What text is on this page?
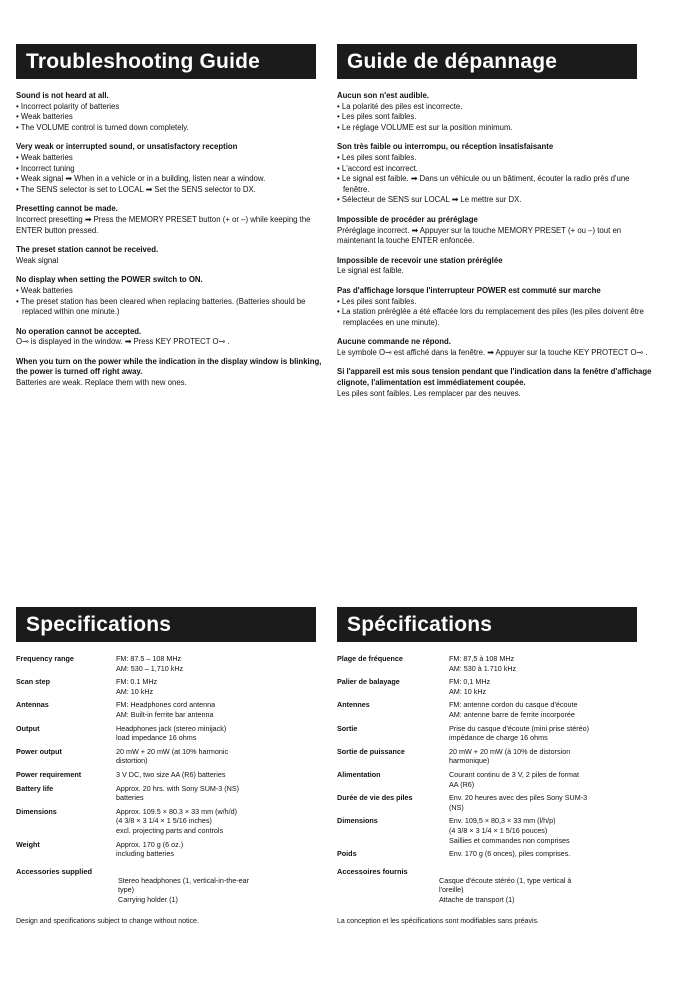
Troubleshooting Guide
Sound is not heard at all.
• Incorrect polarity of batteries
• Weak batteries
• The VOLUME control is turned down completely.
Very weak or interrupted sound, or unsatisfactory reception
• Weak batteries
• Incorrect tuning
• Weak signal ➡ When in a vehicle or in a building, listen near a window.
• The SENS selector is set to LOCAL ➡ Set the SENS selector to DX.
Presetting cannot be made.
Incorrect presetting ➡ Press the MEMORY PRESET button (+ or –) while keeping the ENTER button pressed.
The preset station cannot be received.
Weak signal
No display when setting the POWER switch to ON.
• Weak batteries
• The preset station has been cleared when replacing batteries. (Batteries should be replaced within one minute.)
No operation cannot be accepted.
O⊸ is displayed in the window. ➡ Press KEY PROTECT O⊸ .
When you turn on the power while the indication in the display window is blinking, the power is turned off right away.
Batteries are weak. Replace them with new ones.
Guide de dépannage
Aucun son n'est audible.
• La polarité des piles est incorrecte.
• Les piles sont faibles.
• Le réglage VOLUME est sur la position minimum.
Son très faible ou interrompu, ou réception insatisfaisante
• Les piles sont faibles.
• L'accord est incorrect.
• Le signal est faible. ➡ Dans un véhicule ou un bâtiment, écouter la radio près d'une fenêtre.
• Sélecteur de SENS sur LOCAL ➡ Le mettre sur DX.
Impossible de procéder au préréglage
Préréglage incorrect. ➡ Appuyer sur la touche MEMORY PRESET (+ ou –) tout en maintenant la touche ENTER enfoncée.
Impossible de recevoir une station préréglée
Le signal est faible.
Pas d'affichage lorsque l'interrupteur POWER est commuté sur marche
• Les piles sont faibles.
• La station préréglée a été effacée lors du remplacement des piles (les piles doivent être remplacées en une minute).
Aucune commande ne répond.
Le symbole O⊸ est affiché dans la fenêtre. ➡ Appuyer sur la touche KEY PROTECT O⊸ .
Si l'appareil est mis sous tension pendant que l'indication dans la fenêtre d'affichage clignote, l'alimentation est immédiatement coupée.
Les piles sont faibles. Les remplacer par des neuves.
Specifications
Frequency range	FM: 87.5 – 108 MHz
AM: 530 – 1,710 kHz

Scan step	FM: 0.1 MHz
AM: 10 kHz

Antennas	FM: Headphones cord antenna
AM: Built-in ferrite bar antenna

Output	Headphones jack (stereo minijack)
load impedance 16 ohms

Power output	20 mW + 20 mW (at 10% harmonic
distortion)

Power requirement	3 V DC, two size AA (R6) batteries

Battery life	Approx. 20 hrs. with Sony SUM-3 (NS)
batteries

Dimensions	Approx. 109.5 × 80.3 × 33 mm (w/h/d)
(4 3/8 × 3 1/4 × 1 5/16 inches)
excl. projecting parts and controls

Weight	Approx. 170 g (6 oz.)
including batteries
Accessories supplied
Stereo headphones (1, vertical-in-the-ear
type)
Carrying holder (1)
Design and specifications subject to change without notice.
Spécifications
Plage de fréquence	FM: 87,5 à 108 MHz
AM: 530 à 1.710 kHz

Palier de balayage	FM: 0,1 MHz
AM: 10 kHz

Antennes	FM: antenne cordon du casque d'écoute
AM: antenne barre de ferrite incorporée

Sortie	Prise du casque d'écoute (mini prise stéréo)
impédance de charge 16 ohms

Sortie de puissance	20 mW + 20 mW (à 10% de distorsion
harmonique)

Alimentation	Courant continu de 3 V, 2 piles de format
AA (R6)

Durée de vie des piles	Env. 20 heures avec des piles Sony SUM-3
(NS)

Dimensions	Env. 109,5 × 80,3 × 33 mm (l/h/p)
(4 3/8 × 3 1/4 × 1 5/16 pouces)
Saillies et commandes non comprises

Poids	Env. 170 g (6 onces), piles comprises.
Accessoires fournis
Casque d'écoute stéréo (1, type vertical à
l'oreille)
Attache de transport (1)
La conception et les spécifications sont modifiables sans préavis.
